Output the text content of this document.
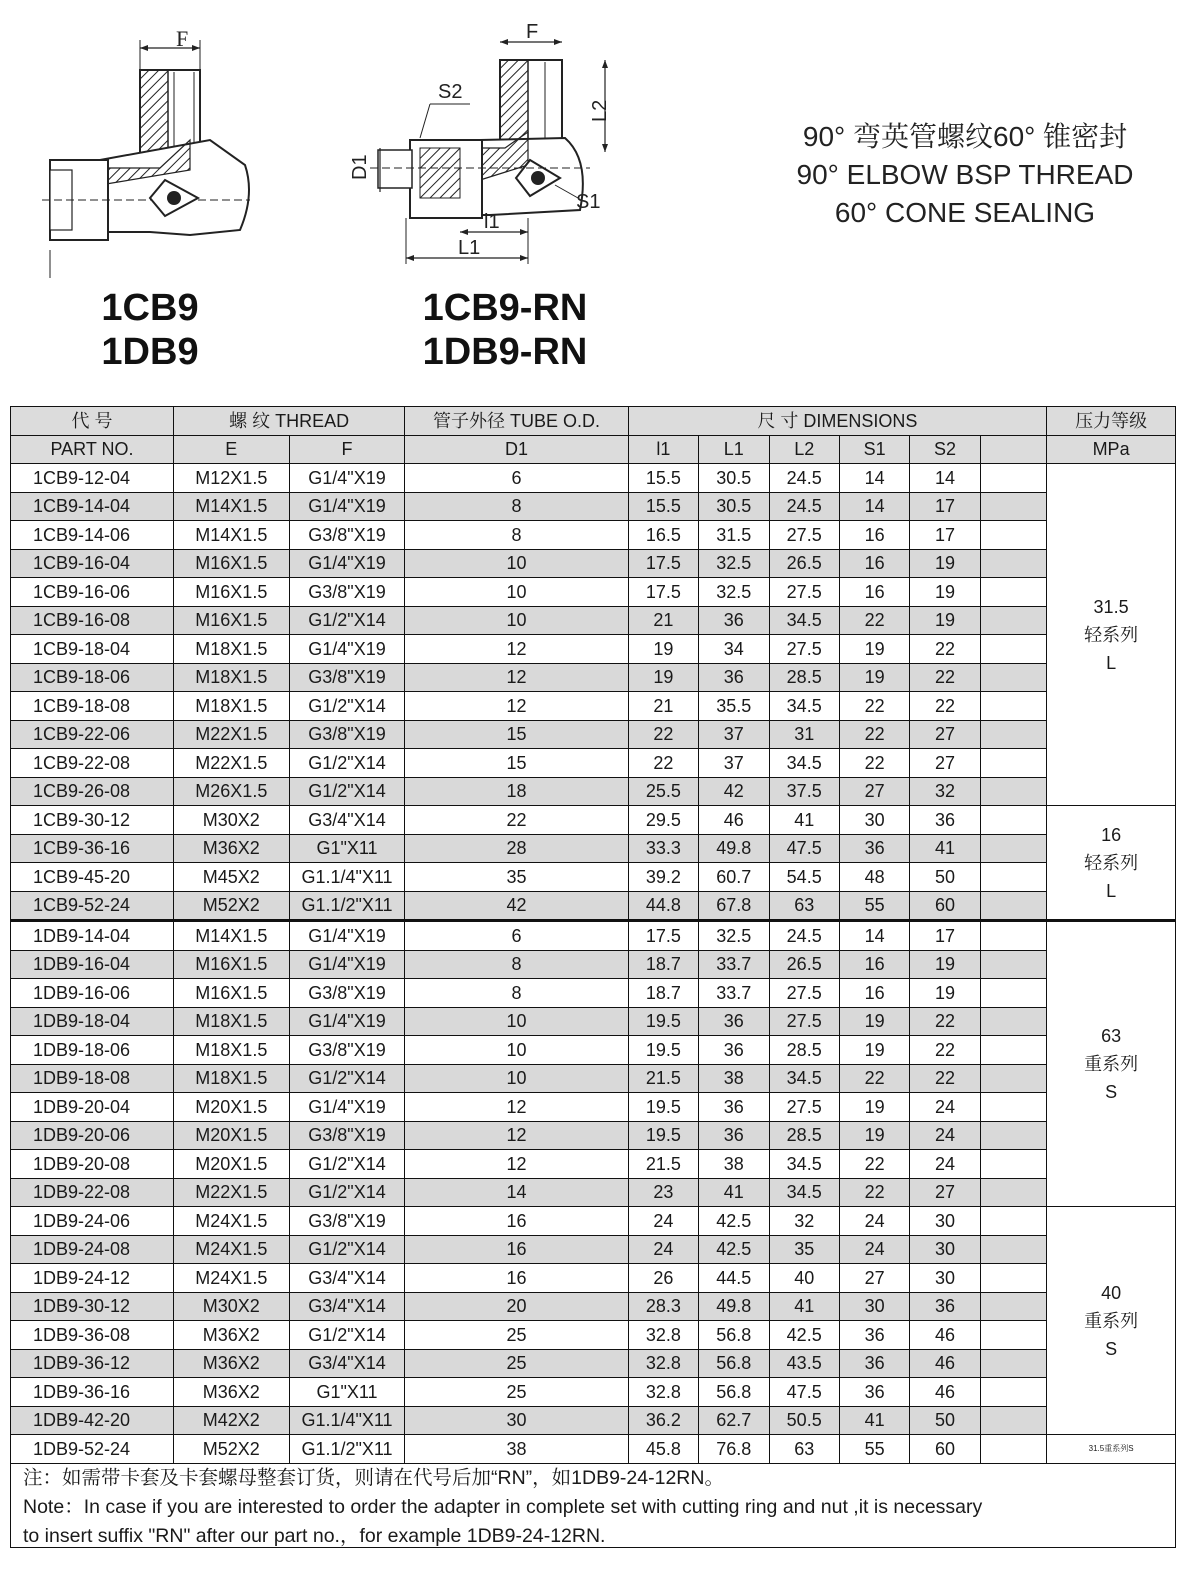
F
1CB9
1DB9
F
L2
S2
D1
S1
l1
L1
1CB9-RN
1DB9-RN
90° 弯英管螺纹60° 锥密封
90° ELBOW BSP THREAD
60° CONE SEALING
代 号	螺 纹 THREAD		管子外径 TUBE O.D.	尺 寸 DIMENSIONS						压力等级
PART NO.	E	F	D1	l1	L1	L2	S1	S2		MPa
1CB9-12-04	M12X1.5	G1/4"X19	6	15.5	30.5	24.5	14	14		31.5
轻系列
L

1CB9-14-04	M14X1.5	G1/4"X19	8	15.5	30.5	24.5	14	17		
1CB9-14-06	M14X1.5	G3/8"X19	8	16.5	31.5	27.5	16	17		
1CB9-16-04	M16X1.5	G1/4"X19	10	17.5	32.5	26.5	16	19		
1CB9-16-06	M16X1.5	G3/8"X19	10	17.5	32.5	27.5	16	19		
1CB9-16-08	M16X1.5	G1/2"X14	10	21	36	34.5	22	19		
1CB9-18-04	M18X1.5	G1/4"X19	12	19	34	27.5	19	22		
1CB9-18-06	M18X1.5	G3/8"X19	12	19	36	28.5	19	22		
1CB9-18-08	M18X1.5	G1/2"X14	12	21	35.5	34.5	22	22		
1CB9-22-06	M22X1.5	G3/8"X19	15	22	37	31	22	27		
1CB9-22-08	M22X1.5	G1/2"X14	15	22	37	34.5	22	27		
1CB9-26-08	M26X1.5	G1/2"X14	18	25.5	42	37.5	27	32		
1CB9-30-12	M30X2	G3/4"X14	22	29.5	46	41	30	36		16
轻系列
L

1CB9-36-16	M36X2	G1"X11	28	33.3	49.8	47.5	36	41		
1CB9-45-20	M45X2	G1.1/4"X11	35	39.2	60.7	54.5	48	50		
1CB9-52-24	M52X2	G1.1/2"X11	42	44.8	67.8	63	55	60		
1DB9-14-04	M14X1.5	G1/4"X19	6	17.5	32.5	24.5	14	17		63
重系列
S

1DB9-16-04	M16X1.5	G1/4"X19	8	18.7	33.7	26.5	16	19		
1DB9-16-06	M16X1.5	G3/8"X19	8	18.7	33.7	27.5	16	19		
1DB9-18-04	M18X1.5	G1/4"X19	10	19.5	36	27.5	19	22		
1DB9-18-06	M18X1.5	G3/8"X19	10	19.5	36	28.5	19	22		
1DB9-18-08	M18X1.5	G1/2"X14	10	21.5	38	34.5	22	22		
1DB9-20-04	M20X1.5	G1/4"X19	12	19.5	36	27.5	19	24		
1DB9-20-06	M20X1.5	G3/8"X19	12	19.5	36	28.5	19	24		
1DB9-20-08	M20X1.5	G1/2"X14	12	21.5	38	34.5	22	24		
1DB9-22-08	M22X1.5	G1/2"X14	14	23	41	34.5	22	27		
1DB9-24-06	M24X1.5	G3/8"X19	16	24	42.5	32	24	30		40
重系列
S

1DB9-24-08	M24X1.5	G1/2"X14	16	24	42.5	35	24	30		
1DB9-24-12	M24X1.5	G3/4"X14	16	26	44.5	40	27	30		
1DB9-30-12	M30X2	G3/4"X14	20	28.3	49.8	41	30	36		
1DB9-36-08	M36X2	G1/2"X14	25	32.8	56.8	42.5	36	46		
1DB9-36-12	M36X2	G3/4"X14	25	32.8	56.8	43.5	36	46		
1DB9-36-16	M36X2	G1"X11	25	32.8	56.8	47.5	36	46		
1DB9-42-20	M42X2	G1.1/4"X11	30	36.2	62.7	50.5	41	50		
1DB9-52-24	M52X2	G1.1/2"X11	38	45.8	76.8	63	55	60		31.5重系列S
注：如需带卡套及卡套螺母整套订货，则请在代号后加“RN”，如1DB9-24-12RN。
Note：In case if you are interested to order the adapter in complete set with cutting ring and nut ,it is necessary
to insert suffix "RN" after our part no.，for example 1DB9-24-12RN.
